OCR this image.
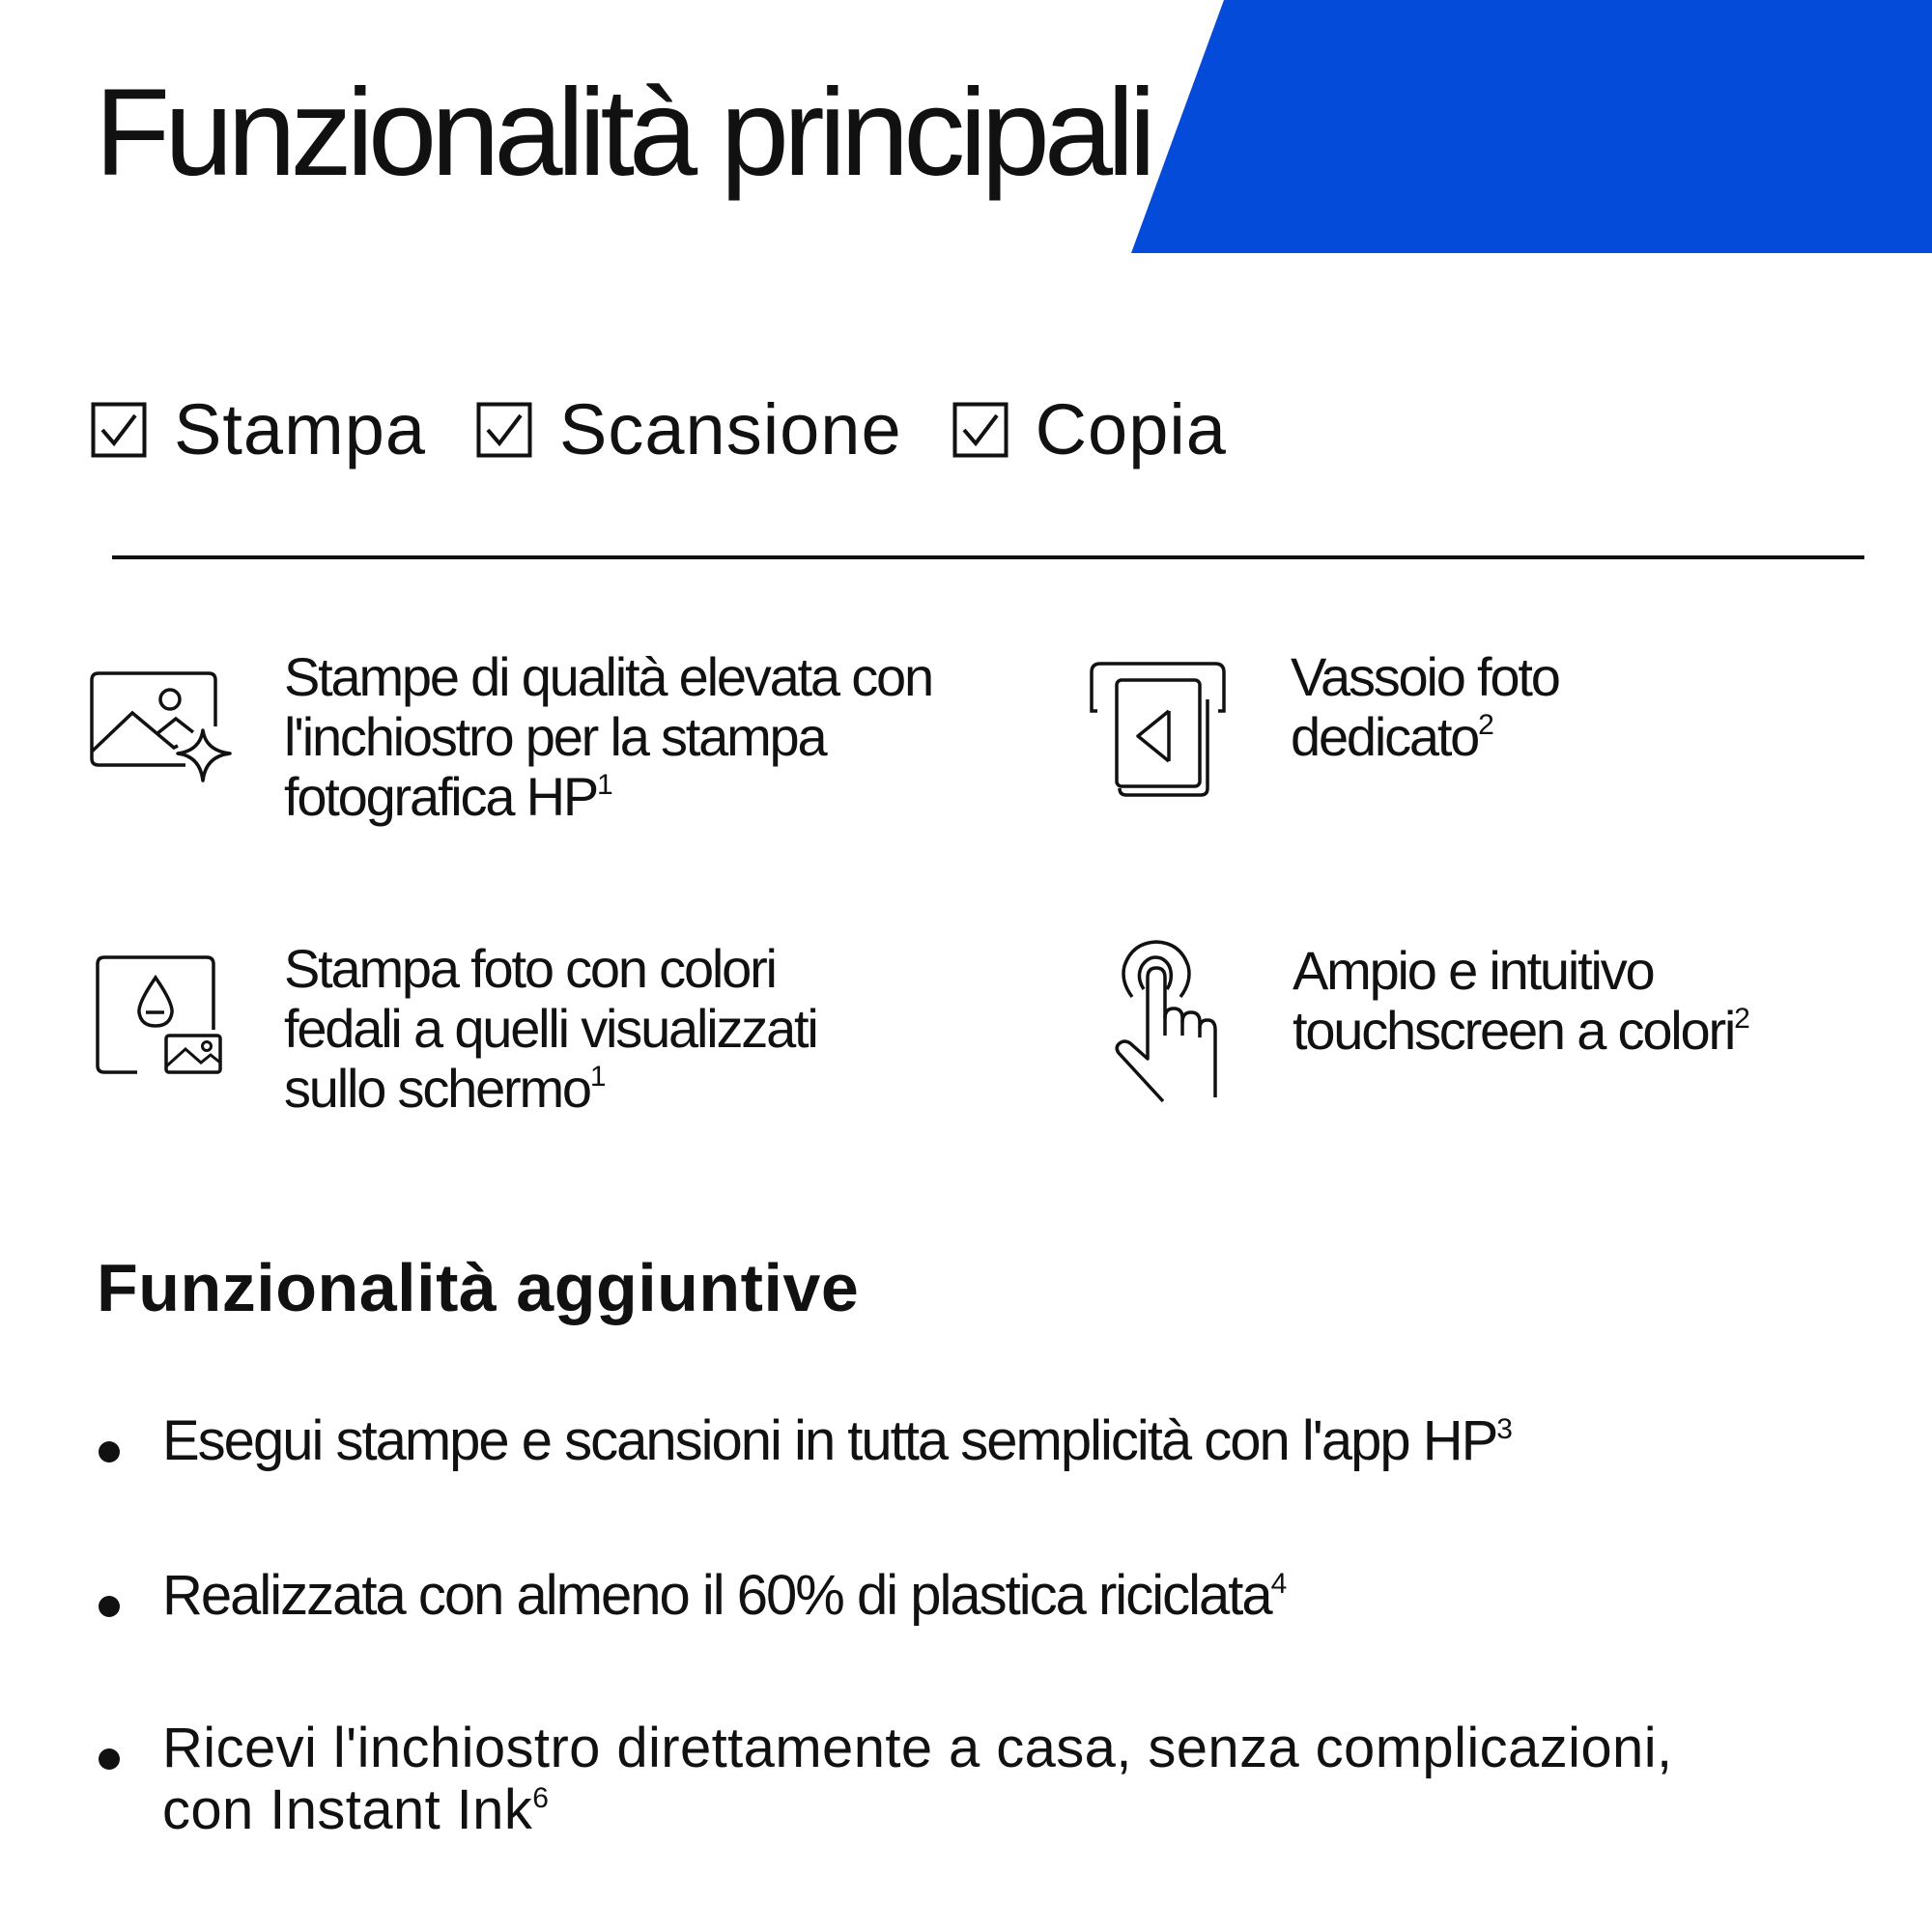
Funzionalità principali
Stampa Scansione Copia
Stampe di qualità elevata con
l'inchiostro per la stampa
fotografica $HP^1$
Vassoio foto
dedicato$^2$
Stampa foto con colori
fedali a quelli visualizzati
sullo schermo$^1$
Ampio e intuitivo
touchscreen a colori$^2$
Funzionalità aggiuntive
Esegui stampe e scansioni in tutta semplicità con l'app $HP^3$
Realizzata con almeno il 60% di plastica riciclata$^4$
Ricevi l'inchiostro direttamente a casa, senza complicazioni,
con Instant Ink$^6$
